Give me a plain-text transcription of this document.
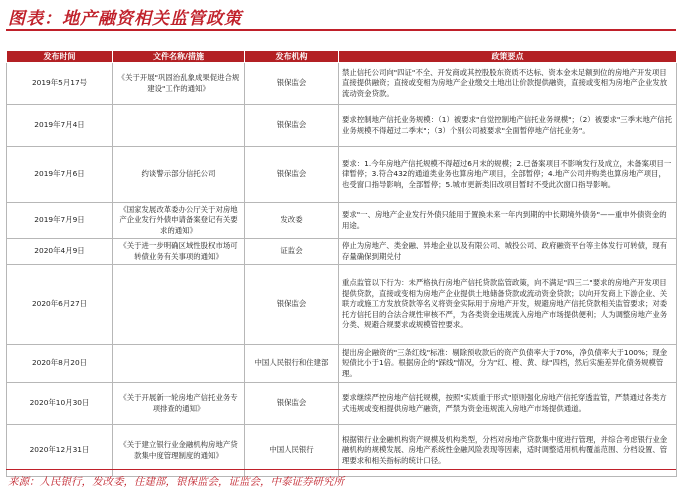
图表：地产融资相关监管政策
发布时间	文件名称/措施	发布机构	政策要点
2019年5月17号	《关于开展"巩固治乱象成果促进合规建设"工作的通知》	银保监会	禁止信托公司向"四证"不全、开发商或其控股股东资质不达标、资本金未足额到位的房地产开发项目直接提供融资；直接或变相为房地产企业缴交土地出让价款提供融资，直接或变相为房地产企业发放流动资金贷款。
2019年7月4日		银保监会	要求控制地产信托业务规模：（1）被要求"自觉控制地产信托业务规模"；（2）被要求"三季末地产信托业务规模不得超过二季末"；（3）个别公司被要求"全面暂停地产信托业务"。
2019年7月6日	约谈警示部分信托公司	银保监会	要求：1.今年房地产信托规模不得超过6月末的规模；2.已备案项目不影响发行及成立，未备案项目一律暂停；3.符合432的通道类业务也算房地产项目，全部暂停；4.地产公司并购类也算房地产项目，也受窗口指导影响，全部暂停；5.城市更新类旧改项目暂时不受此次窗口指导影响。
2019年7月9日	《国家发展改革委办公厅关于对房地产企业发行外债申请备案登记有关要求的通知》	发改委	要求"一、房地产企业发行外债只能用于置换未来一年内到期的中长期境外债务"——重申外债资金的用途。
2020年4月9日	《关于进一步明确区域性股权市场可转债业务有关事项的通知》	证监会	停止为房地产、类金融、异地企业以及有限公司、城投公司、政府融资平台等主体发行可转债，现有存量确保到期兑付
2020年6月27日		银保监会	重点监管以下行为：未严格执行房地产信托贷款监管政策，向不满足"四三二"要求的房地产开发项目提供贷款，直接或变相为房地产企业提供土地储备贷款或流动资金贷款；以向开发商上下游企业、关联方或施工方发放贷款等名义将资金实际用于房地产开发，规避房地产信托贷款相关监管要求；对委托方信托目的合法合规性审核不严，为各类资金违规流入房地产市场提供便利；人为调整房地产业务分类、规避合规要求或规模管控要求。
2020年8月20日		中国人民银行和住建部	提出房企融资的"三条红线"标准：剔除预收款后的资产负债率大于70%，净负债率大于100%；现金短债比小于1倍。根据房企的"踩线"情况，分为"红、橙、黄、绿"四档，然后实施差异化债务规模管理。
2020年10月30日	《关于开展新一轮房地产信托业务专项排查的通知》	银保监会	要求继续严控房地产信托规模，按照"实质重于形式"原则强化房地产信托穿透监管，严禁通过各类方式违规或变相提供房地产融资，严禁为资金违规流入房地产市场提供通道。
2020年12月31日	《关于建立银行业金融机构房地产贷款集中度管理制度的通知》	中国人民银行	根据银行业金融机构资产规模及机构类型，分档对房地产贷款集中度进行管理，并综合考虑银行业金融机构的规模发展、房地产系统性金融风险表现等因素，适时调整适用机构覆盖范围、分档设置、管理要求和相关指标的统计口径。
来源：人民银行，发改委，住建部，银保监会，证监会，中泰证券研究所
